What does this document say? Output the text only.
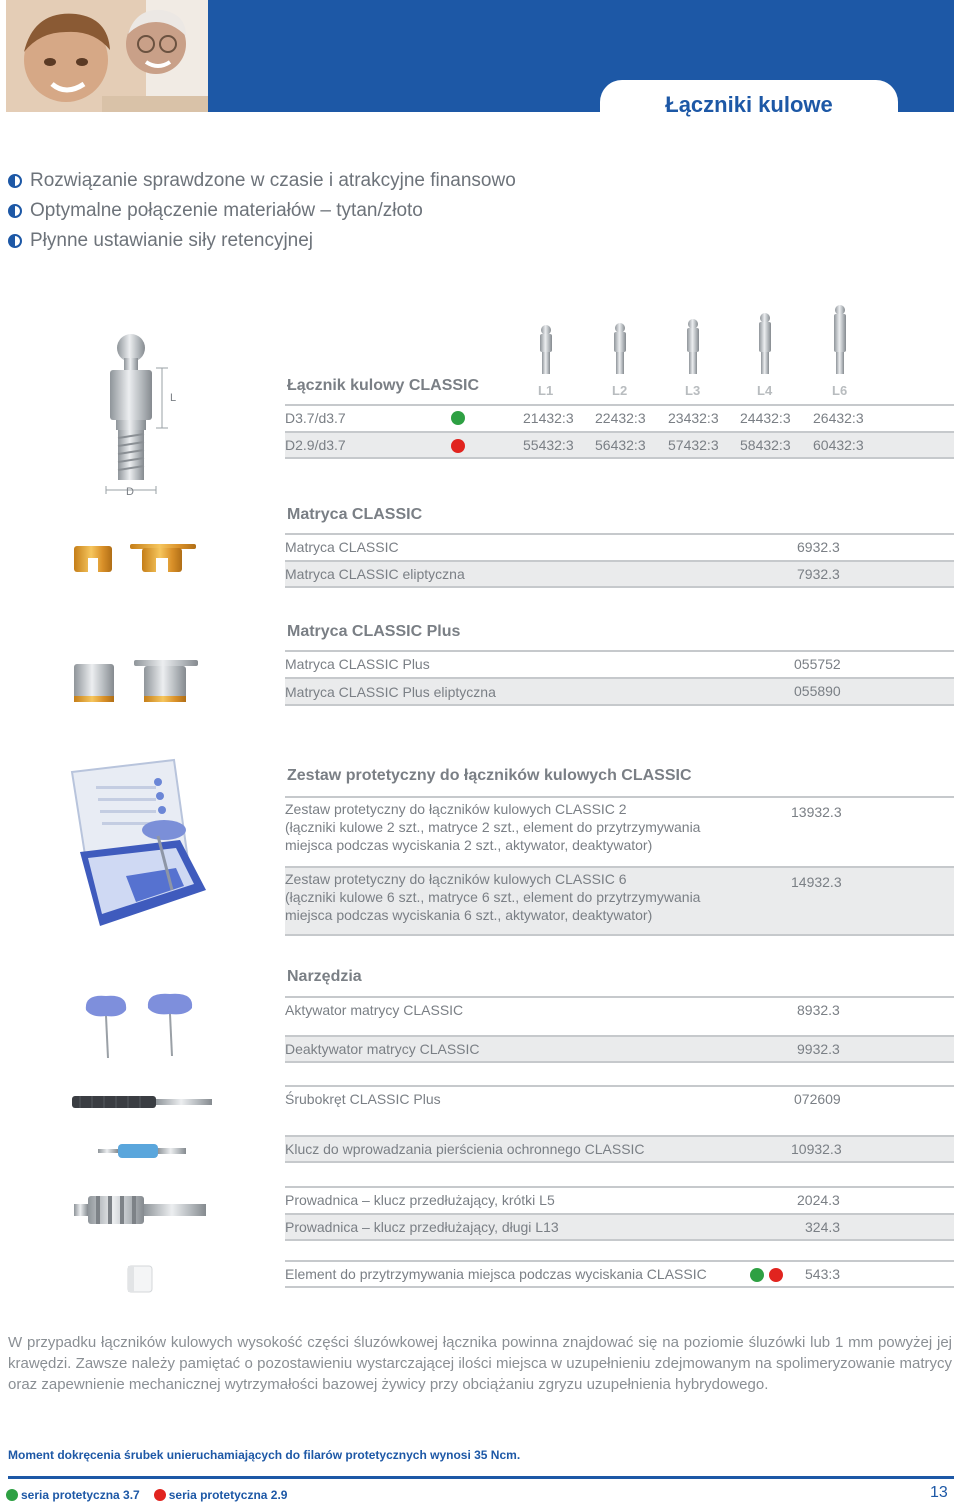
Łączniki kulowe
Rozwiązanie sprawdzone w czasie i atrakcyjne finansowo
Optymalne połączenie materiałów – tytan/złoto
Płynne ustawianie siły retencyjnej
L
D
Łącznik kulowy CLASSIC	L1	L2	L3	L4	L6
D3.7/d3.7	21432:3 22432:3 23432:3 24432:3 26432:3
D2.9/d3.7	55432:3 56432:3 57432:3 58432:3 60432:3
Matryca CLASSIC
Matryca CLASSIC	6932.3
Matryca CLASSIC eliptyczna	7932.3
Matryca CLASSIC Plus
Matryca CLASSIC Plus	055752
Matryca CLASSIC Plus eliptyczna	055890
Zestaw protetyczny do łączników kulowych CLASSIC
Zestaw protetyczny do łączników kulowych CLASSIC 2
(łączniki kulowe 2 szt., matryce 2 szt., element do przytrzymywania
miejsca podczas wyciskania 2 szt., aktywator, deaktywator)
13932.3
Zestaw protetyczny do łączników kulowych CLASSIC 6
(łączniki kulowe 6 szt., matryce 6 szt., element do przytrzymywania
miejsca podczas wyciskania 6 szt., aktywator, deaktywator)
14932.3
Narzędzia
Aktywator matrycy CLASSIC	8932.3
Deaktywator matrycy CLASSIC	9932.3
Śrubokręt CLASSIC Plus	072609
Klucz do wprowadzania pierścienia ochronnego CLASSIC	10932.3
Prowadnica – klucz przedłużający, krótki L5	2024.3
Prowadnica – klucz przedłużający, długi L13	324.3
Element do przytrzymywania miejsca podczas wyciskania CLASSIC	543:3
W przypadku łączników kulowych wysokość części śluzówkowej łącznika powinna znajdować się na poziomie śluzówki lub 1 mm powyżej jej krawędzi. Zawsze należy pamiętać o pozostawieniu wystarczającej ilości miejsca w uzupełnieniu zdejmowanym na spolimeryzowanie matrycy oraz zapewnienie mechanicznej wytrzymałości bazowej żywicy przy obciążaniu zgryzu uzupełnienia hybrydowego.
Moment dokręcenia śrubek unieruchamiających do filarów protetycznych wynosi 35 Ncm.
seria protetyczna 3.7 seria protetyczna 2.9	13
